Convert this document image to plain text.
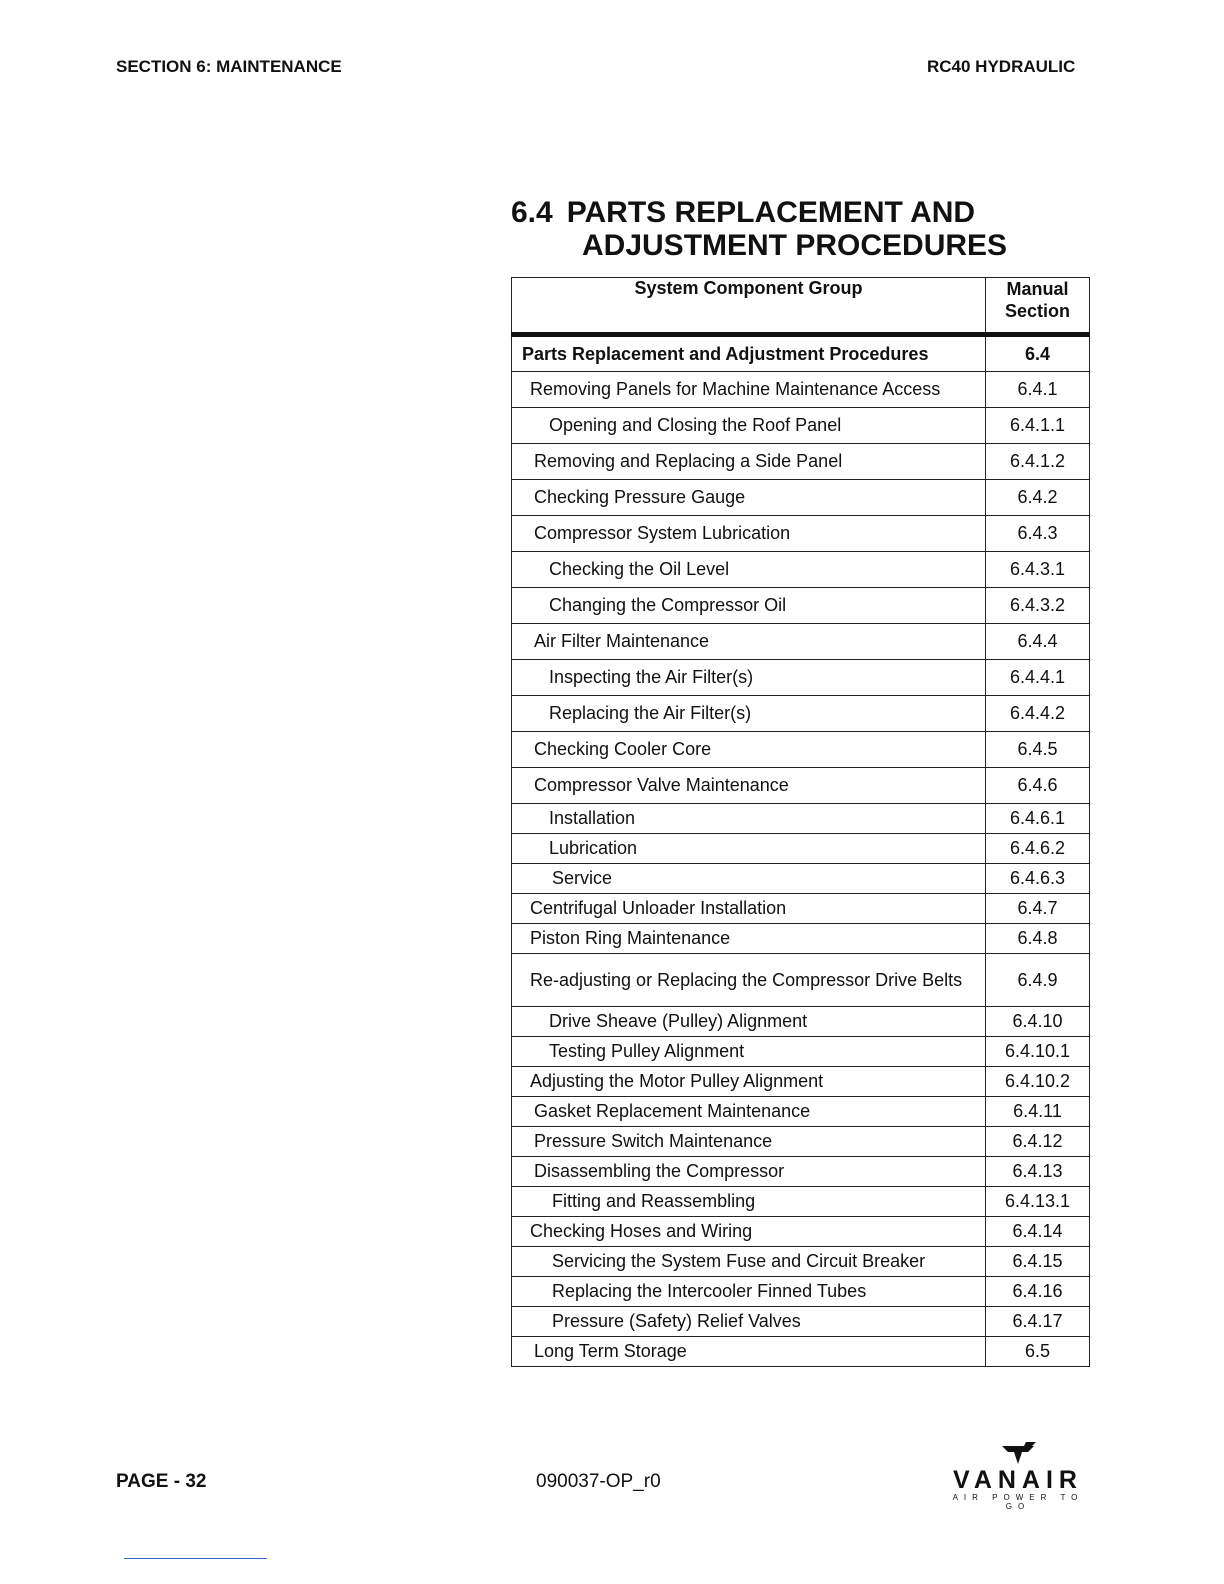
SECTION 6: MAINTENANCE	RC40 HYDRAULIC
6.4 PARTS REPLACEMENT AND
ADJUSTMENT PROCEDURES
System Component Group	Manual
Section
Parts Replacement and Adjustment Procedures	6.4
Removing Panels for Machine Maintenance Access	6.4.1
Opening and Closing the Roof Panel	6.4.1.1
Removing and Replacing a Side Panel	6.4.1.2
Checking Pressure Gauge	6.4.2
Compressor System Lubrication	6.4.3
Checking the Oil Level	6.4.3.1
Changing the Compressor Oil	6.4.3.2
Air Filter Maintenance	6.4.4
Inspecting the Air Filter(s)	6.4.4.1
Replacing the Air Filter(s)	6.4.4.2
Checking Cooler Core	6.4.5
Compressor Valve Maintenance	6.4.6
Installation	6.4.6.1
Lubrication	6.4.6.2
Service	6.4.6.3
Centrifugal Unloader Installation	6.4.7
Piston Ring Maintenance	6.4.8
Re-adjusting or Replacing the Compressor Drive Belts	6.4.9
Drive Sheave (Pulley) Alignment	6.4.10
Testing Pulley Alignment	6.4.10.1
Adjusting the Motor Pulley Alignment	6.4.10.2
Gasket Replacement Maintenance	6.4.11
Pressure Switch Maintenance	6.4.12
Disassembling the Compressor	6.4.13
Fitting and Reassembling	6.4.13.1
Checking Hoses and Wiring	6.4.14
Servicing the System Fuse and Circuit Breaker	6.4.15
Replacing the Intercooler Finned Tubes	6.4.16
Pressure (Safety) Relief Valves	6.4.17
Long Term Storage	6.5
PAGE - 32	090037-OP_r0	VANAIR
AIR POWER TO GO
